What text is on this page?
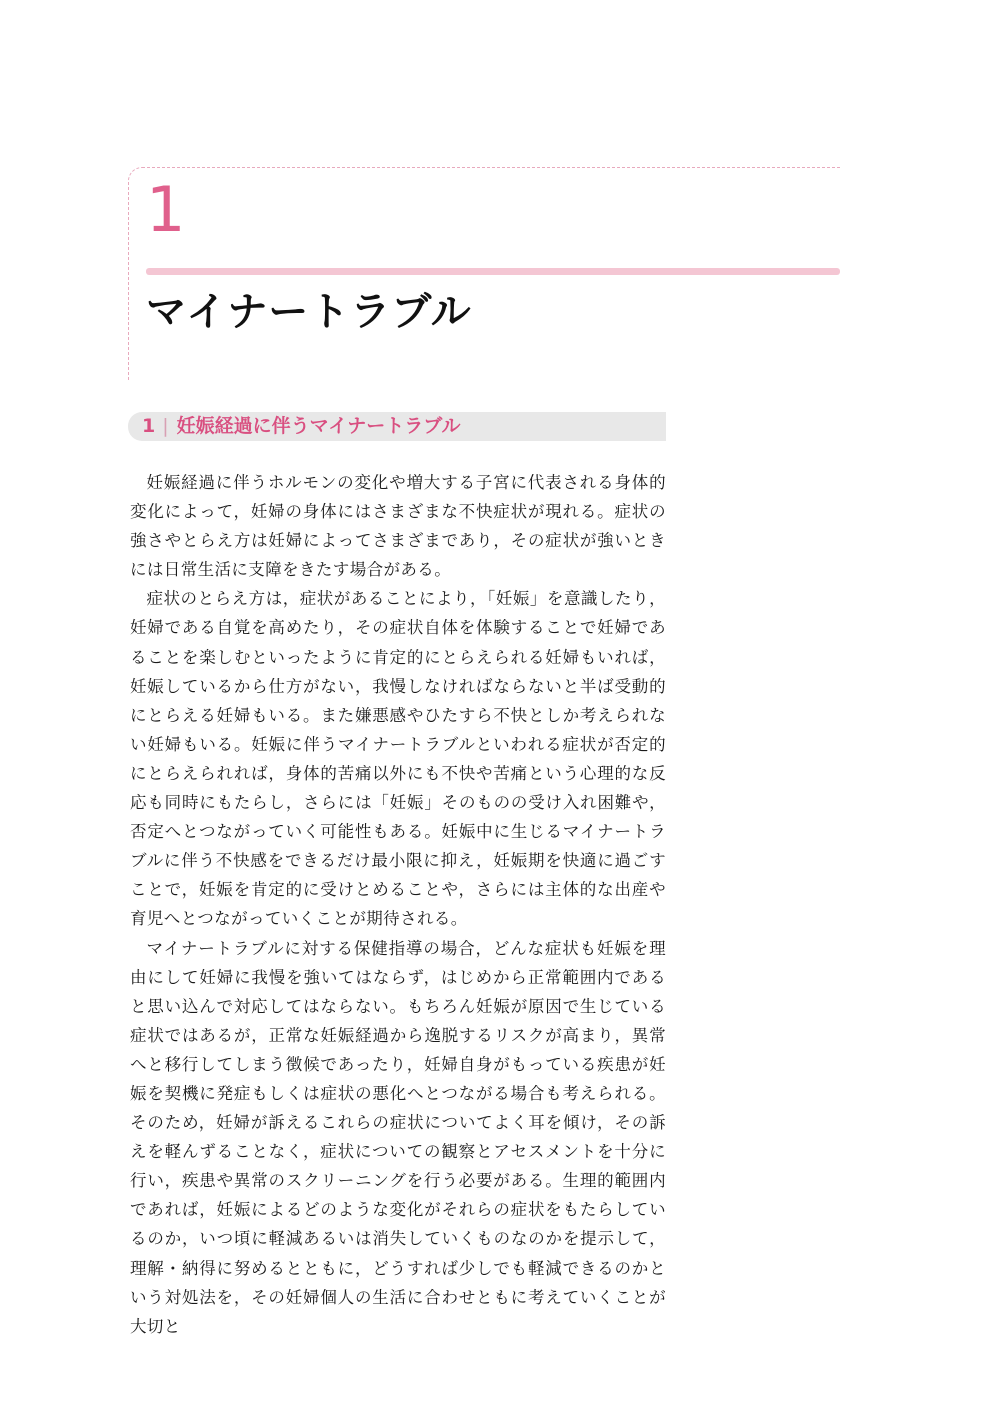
1
マイナートラブル
1 | 妊娠経過に伴うマイナートラブル

妊娠経過に伴うホルモンの変化や増大する子宮に代表される身体的変化によって，妊婦の身体にはさまざまな不快症状が現れる。症状の強さやとらえ方は妊婦によってさまざまであり，その症状が強いときには日常生活に支障をきたす場合がある。

症状のとらえ方は，症状があることにより，「妊娠」を意識したり，妊婦である自覚を高めたり，その症状自体を体験することで妊婦であることを楽しむといったように肯定的にとらえられる妊婦もいれば，妊娠しているから仕方がない，我慢しなければならないと半ば受動的にとらえる妊婦もいる。また嫌悪感やひたすら不快としか考えられない妊婦もいる。妊娠に伴うマイナートラブルといわれる症状が否定的にとらえられれば，身体的苦痛以外にも不快や苦痛という心理的な反応も同時にもたらし，さらには「妊娠」そのものの受け入れ困難や，否定へとつながっていく可能性もある。妊娠中に生じるマイナートラブルに伴う不快感をできるだけ最小限に抑え，妊娠期を快適に過ごすことで，妊娠を肯定的に受けとめることや，さらには主体的な出産や育児へとつながっていくことが期待される。

マイナートラブルに対する保健指導の場合，どんな症状も妊娠を理由にして妊婦に我慢を強いてはならず，はじめから正常範囲内であると思い込んで対応してはならない。もちろん妊娠が原因で生じている症状ではあるが，正常な妊娠経過から逸脱するリスクが高まり，異常へと移行してしまう徴候であったり，妊婦自身がもっている疾患が妊娠を契機に発症もしくは症状の悪化へとつながる場合も考えられる。そのため，妊婦が訴えるこれらの症状についてよく耳を傾け，その訴えを軽んずることなく，症状についての観察とアセスメントを十分に行い，疾患や異常のスクリーニングを行う必要がある。生理的範囲内であれば，妊娠によるどのような変化がそれらの症状をもたらしているのか，いつ頃に軽減あるいは消失していくものなのかを提示して，理解・納得に努めるとともに，どうすれば少しでも軽減できるのかという対処法を，その妊婦個人の生活に合わせともに考えていくことが大切と
